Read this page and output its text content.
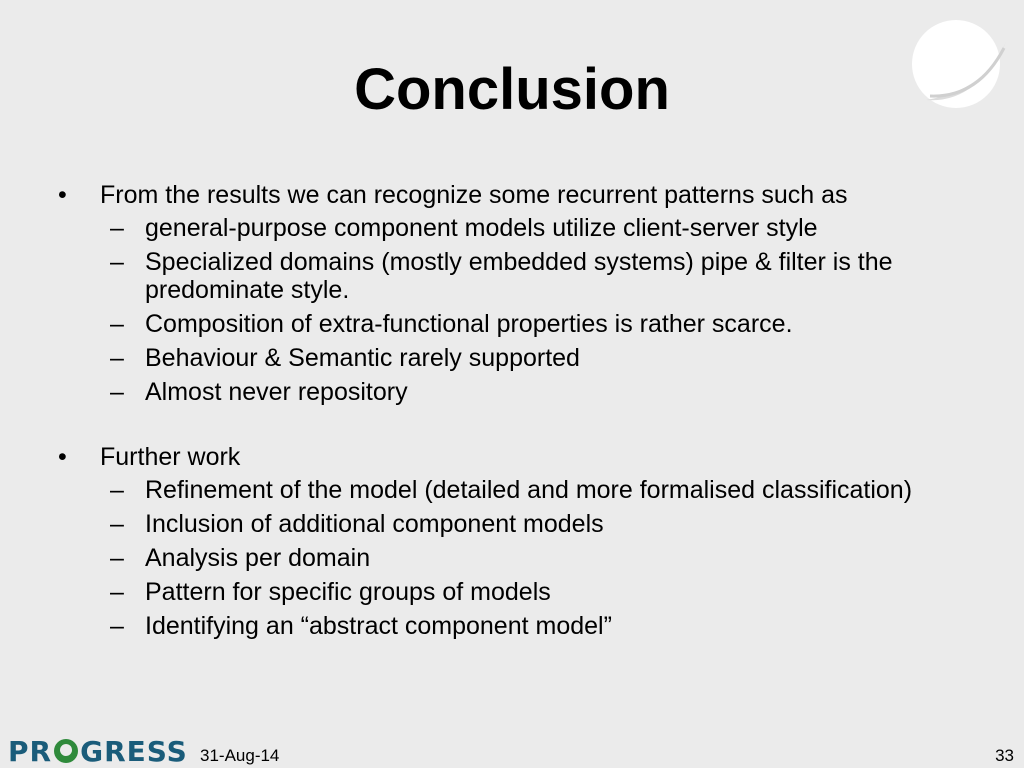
Conclusion
•	From the results we can recognize some recurrent patterns such as
– general-purpose component models utilize client-server style
– Specialized domains (mostly embedded systems) pipe & filter is the predominate style.
– Composition of extra-functional properties is rather scarce.
– Behaviour & Semantic rarely supported
– Almost never repository
•	Further work
– Refinement of the model (detailed and more formalised classification)
– Inclusion of additional component models
– Analysis per domain
– Pattern for specific groups of models
– Identifying an “abstract component model”
PR GRESS 31-Aug-14	33
